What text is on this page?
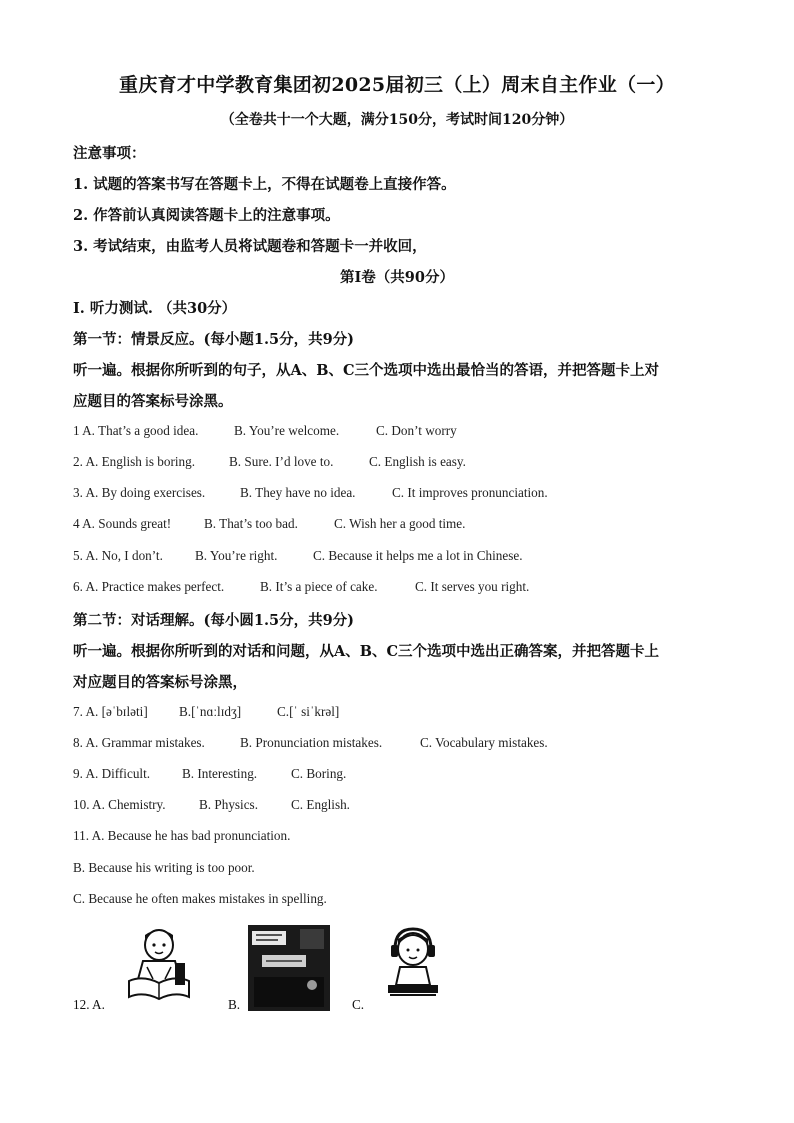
重庆育才中学教育集团初2025届初三（上）周末自主作业（一）
（全卷共十一个大题，满分150分，考试时间120分钟）
注意事项：
1. 试题的答案书写在答题卡上，不得在试题卷上直接作答。
2. 作答前认真阅读答题卡上的注意事项。
3. 考试结束，由监考人员将试题卷和答题卡一并收回，
第Ⅰ卷（共90分）
I. 听力测试. （共30分）
第一节：情景反应。(每小题1.5分，共9分)
听一遍。根据你所听到的句子，从A、B、C三个选项中选出最恰当的答语，并把答题卡上对
应题目的答案标号涂黑。
1 A. That’s a good idea.	B. You’re welcome.	C. Don’t worry
2. A. English is boring.	B. Sure. I’d love to.	C. English is easy.
3. A. By doing exercises.	B. They have no idea.	C. It improves pronunciation.
4 A. Sounds great! B. That’s too bad.	C. Wish her a good time.
5. A. No, I don’t. B. You’re right.	C. Because it helps me a lot in Chinese.
6. A. Practice makes perfect.	B. It’s a piece of cake.	C. It serves you right.
第二节：对话理解。(每小圆1.5分，共9分)
听一遍。根据你所听到的对话和问题，从A、B、C三个选项中选出正确答案，并把答题卡上
对应题目的答案标号涂黑，
7. A. [əˈbɪləti] B.[ˈnɑːlɪdʒ]	C.[ˈ siˈkrəl]
8. A. Grammar mistakes.	B. Pronunciation mistakes.	C. Vocabulary mistakes.
9. A. Difficult. B. Interesting.	C. Boring.
10. A. Chemistry.	B. Physics.	C. English.
11. A. Because he has bad pronunciation.
B. Because his writing is too poor.
C. Because he often makes mistakes in spelling.
12. A.	B.	C.
